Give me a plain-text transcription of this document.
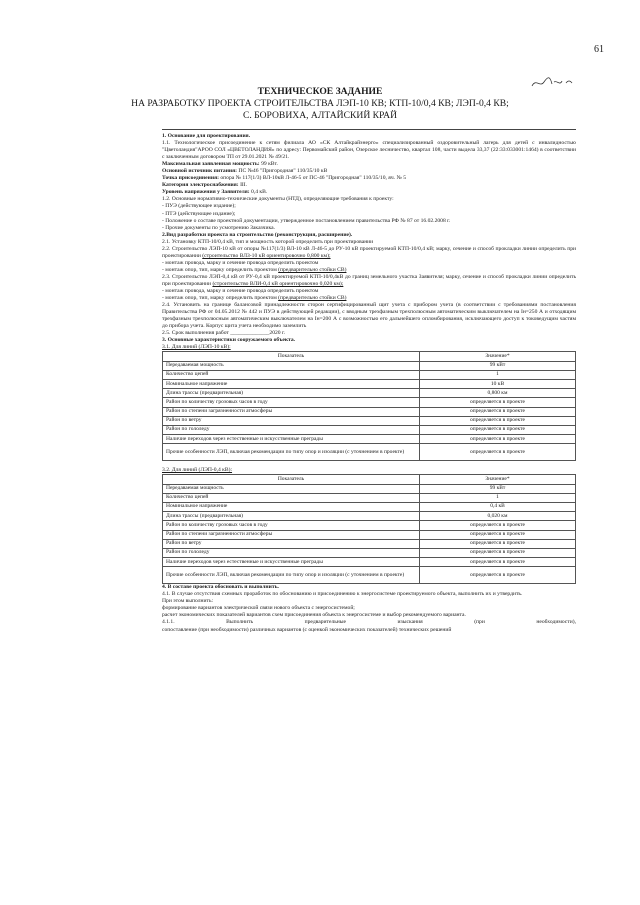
61
ТЕХНИЧЕСКОЕ ЗАДАНИЕ
НА РАЗРАБОТКУ ПРОЕКТА СТРОИТЕЛЬСТВА ЛЭП-10 КВ; КТП-10/0,4 КВ; ЛЭП-0,4 КВ;
С. БОРОВИХА, АЛТАЙСКИЙ КРАЙ

1. Основание для проектирования.

1.1. Технологическое присоединение к сетям филиала АО «СК Алтайкрайэнерго» специализированный оздоровительный лагерь для детей с инвалидностью "Цветоландия"АРОО СОЛ «ЦВЕТОЛАНДИЯ» по адресу: Первомайский район, Озерское лесничество, квартал 108, части выдела 33,37 (22:33:033001:1464) в соответствии с заключенным договором ТП от 29.01.2021 № 49/21.

Максимальная заявленная мощность: 99 кВт.

Основной источник питания: ПС №46 "Пригородная" 110/35/10 кВ

Точка присоединения: опора № 117(1/3) ВЛ-10кВ Л-46-5 от ПС-46 "Пригородная" 110/35/10, яч. № 5

Категория электроснабжения: III.

Уровень напряжения у Заявителя: 0,4 кВ.

1.2. Основные нормативно-технические документы (НТД), определяющие требования к проекту:

- ПУЭ (действующее издание);

- ПТЭ (действующее издание);

- Положение о составе проектной документации, утвержденное постановлением правительства РФ № 87 от 16.02.2008 г.

- Прочие документы по усмотрению Заказчика.

2.Вид разработки проекта на строительство (реконструкция, расширение).

2.1. Установку КТП-10/0,4 кВ, тип и мощность которой определить при проектировании

2.2. Строительство ЛЭП-10 кВ от опоры №117(1/3) ВЛ-10 кВ Л-46-5 до РУ-10 кВ проектируемой КТП-10/0,4 кВ; марку, сечение и способ прокладки линии определить при проектировании (строительство ВЛЗ-10 кВ ориентировочно 0,800 км);

- монтаж провода, марку и сечение провода определить проектом

- монтаж опор, тип, марку определить проектом (предварительно стойки СВ)

2.3. Строительство ЛЭП-0,4 кВ от РУ-0,4 кВ проектируемой КТП-10/0,4кВ до границ земельного участка Заявителя; марку, сечение и способ прокладки линии определить при проектировании (строительство ВЛИ-0,4 кВ ориентировочно 0,020 км);

- монтаж провода, марку и сечение провода определить проектом

- монтаж опор, тип, марку определить проектом (предварительно стойки СВ)

2.4. Установить на границе балансовой принадлежности сторон сертифицированный щит учета с прибором учета (в соответствии с требованиями постановления Правительства РФ от 04.05.2012 № 442 и ПУЭ в действующей редакции), с вводным трехфазным трехполюсным автоматическим выключателем на Iн=250 А и отходящим трехфазным трехполюсным автоматическим выключателем на Iн=200 А с возможностью его дальнейшего опломбирования, исключающего доступ к токоведущим частям до прибора учета. Корпус щита учета необходимо заземлить

2.5. Срок выполнения работ ______________2020 г.

3. Основные характеристики сооружаемого объекта.

3.1. Для линий (ЛЭП-10 кВ):

Показатель	Значение*
Передаваемая мощность	99 кВт
Количество цепей	1
Номинальное напряжение	10 кВ
Длина трассы (предварительная)	0,800 км
Район по количеству грозовых часов в году	определяется в проекте
Район по степени загрязненности атмосферы	определяется в проекте
Район по ветру	определяется в проекте
Район по гололеду	определяется в проекте
Наличие переходов через естественные и искусственные преграды	определяется в проекте
Прочие особенности ЛЭП, включая рекомендации по типу опор и изоляции (с уточнением в проекте)	определяется в проекте

3.2. Для линий (ЛЭП-0,4 кВ):

Показатель	Значение*
Передаваемая мощность	99 кВт
Количество цепей	1
Номинальное напряжение	0,4 кВ
Длина трассы (предварительная)	0,020 км
Район по количеству грозовых часов в году	определяется в проекте
Район по степени загрязненности атмосферы	определяется в проекте
Район по ветру	определяется в проекте
Район по гололеду	определяется в проекте
Наличие переходов через естественные и искусственные преграды	определяется в проекте
Прочие особенности ЛЭП, включая рекомендации по типу опор и изоляции (с уточнением в проекте)	определяется в проекте

4. В составе проекта обосновать и выполнить.

4.1. В случае отсутствия схемных проработок по обоснованию и присоединению к энергосистеме проектируемого объекта, выполнить их и утвердить.

При этом выполнить:

формирование вариантов электрической связи нового объекта с энергосистемой;

расчет экономических показателей вариантов схем присоединения объекта к энергосистеме и выбор рекомендуемого варианта.

4.1.1. Выполнить предварительные изыскания (при необходимости),

сопоставление (при необходимости) различных вариантов (с оценкой экономических показателей) технических решений
